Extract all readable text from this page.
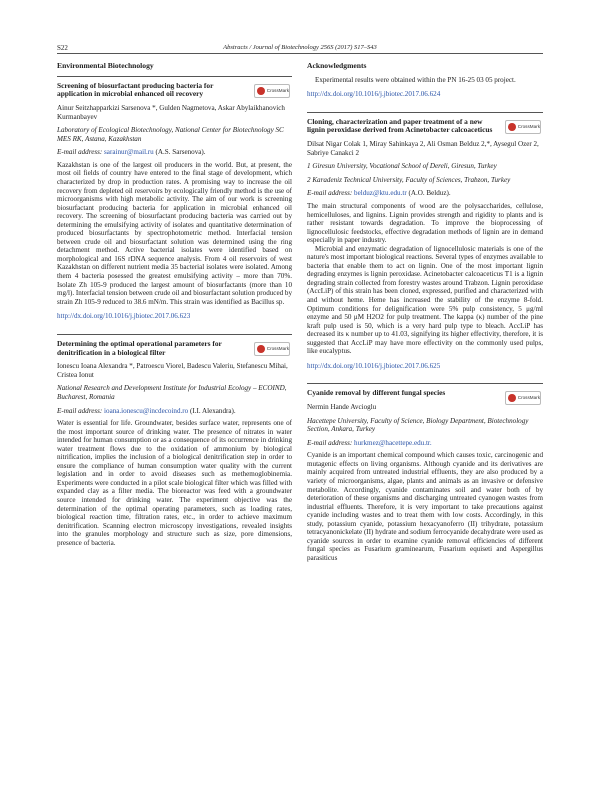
S22	Abstracts / Journal of Biotechnology 256S (2017) S17–S43
Environmental Biotechnology
Screening of biosurfactant producing bacteria for application in microbial enhanced oil recovery	CrossMark
Ainur Seitzhapparkizi Sarsenova *, Gulden Nagmetova, Askar Abylaikhanovich Kurmanbayev
Laboratory of Ecological Biotechnology, National Center for Biotechnology SC MES RK, Astana, Kazakhstan
E-mail address: sarainur@mail.ru (A.S. Sarsenova).

Kazakhstan is one of the largest oil producers in the world. But, at present, the most oil fields of country have entered to the final stage of development, which characterized by drop in production rates. A promising way to increase the oil recovery from depleted oil reservoirs by ecologically friendly method is the use of microorganisms with high metabolic activity. The aim of our work is screening biosurfactant producing bacteria for application in microbial enhanced oil recovery. The screening of biosurfactant producing bacteria was carried out by determining the emulsifying activity of isolates and quantitative determination of produced biosurfactants by spectrophotometric method. Interfacial tension between crude oil and biosurfactant solution was determined using the ring detachment method. Active bacterial isolates were identified based on morphological and 16S rDNA sequence analysis. From 4 oil reservoirs of west Kazakhstan on different nutrient media 35 bacterial isolates were isolated. Among them 4 bacteria posessed the greatest emulsifying activity – more than 70%. Isolate Zh 105-9 produced the largest amount of biosurfactants (more than 10 mg/l). Interfacial tension between crude oil and biosurfactant solution produced by strain Zh 105-9 reduced to 38.6 mN/m. This strain was identified as Bacillus sp.

http://dx.doi.org/10.1016/j.jbiotec.2017.06.623
Determining the optimal operational parameters for denitrification in a biological filter	CrossMark
Ionescu Ioana Alexandra *, Patroescu Viorel, Badescu Valeriu, Stefanescu Mihai, Cristea Ionut
National Research and Development Institute for Industrial Ecology – ECOIND, Bucharest, Romania
E-mail address: ioana.ionescu@incdecoind.ro (I.I. Alexandra).

Water is essential for life. Groundwater, besides surface water, represents one of the most important source of drinking water. The presence of nitrates in water intended for human consumption or as a consequence of its occurrence in drinking water treatment flows due to the oxidation of ammonium by biological nitrification, implies the inclusion of a biological denitrification step in order to ensure the compliance of human consumption water quality with the current legislation and in order to avoid diseases such as methemoglobinemia. Experiments were conducted in a pilot scale biological filter which was filled with expanded clay as a filter media. The bioreactor was feed with a groundwater source intended for drinking water. The experiment objective was the determination of the optimal operating parameters, such as loading rates, biological reaction time, filtration rates, etc., in order to achieve maximum denitrification. Scanning electron microscopy investigations, revealed insights into the granules morphology and structure such as size, pore dimensions, presence of bacteria.

Acknowledgments

Experimental results were obtained within the PN 16-25 03 05 project.

http://dx.doi.org/10.1016/j.jbiotec.2017.06.624
Cloning, characterization and paper treatment of a new lignin peroxidase derived from Acinetobacter calcoaceticus	CrossMark
Dilsat Nigar Colak 1, Miray Sahinkaya 2, Ali Osman Belduz 2,*, Aysegul Ozer 2, Sabriye Canakci 2
1 Giresun University, Vocational School of Dereli, Giresun, Turkey
2 Karadeniz Technical University, Faculty of Sciences, Trabzon, Turkey
E-mail address: belduz@ktu.edu.tr (A.O. Belduz).

The main structural components of wood are the polysaccharides, cellulose, hemicelluloses, and lignins. Lignin provides strength and rigidity to plants and is rather resistant towards degradation. To improve the bioprocessing of lignocellulosic feedstocks, effective degradation methods of lignin are in demand especially in paper industry.

Microbial and enzymatic degradation of lignocellulosic materials is one of the nature's most important biological reactions. Several types of enzymes available to bacteria that enable them to act on lignin. One of the most important lignin degrading enzymes is lignin peroxidase. Acinetobacter calcoaceticus T1 is a lignin degrading strain collected from forestry wastes around Trabzon. Lignin peroxidase (AccLiP) of this strain has been cloned, expressed, purified and characterized with and without heme. Heme has increased the stability of the enzyme 8-fold. Optimum conditions for delignification were 5% pulp consistency, 5 μg/ml enzyme and 50 μM H2O2 for pulp treatment. The kappa (κ) number of the pine kraft pulp used is 50, which is a very hard pulp type to bleach. AccLiP has decreased its κ number up to 41.03, signifying its higher effectivity, therefore, it is suggested that AccLiP may have more effectivity on the commonly used pulps, like eucalyptus.

http://dx.doi.org/10.1016/j.jbiotec.2017.06.625
Cyanide removal by different fungal species
CrossMark
Nermin Hande Avcioglu
Hacettepe University, Faculty of Science, Biology Department, Biotechnology Section, Ankara, Turkey
E-mail address: hurkmez@hacettepe.edu.tr.

Cyanide is an important chemical compound which causes toxic, carcinogenic and mutagenic effects on living organisms. Although cyanide and its derivatives are mainly acquired from untreated industrial effluents, they are also produced by a variety of microorganisms, algae, plants and animals as an invasive or defensive metabolite. Accordingly, cyanide contaminates soil and water both of by deterioration of these organisms and discharging untreated cyanogen wastes from industrial effluents. Therefore, it is very important to take precautions against cyanide including wastes and to treat them with low costs. Accordingly, in this study, potassium cyanide, potassium hexacyanoferro (II) trihydrate, potassium tetracyanonickelate (II) hydrate and sodium ferrocyanide decahydrate were used as cyanide sources in order to examine cyanide removal efficiencies of different fungal species as Fusarium graminearum, Fusarium equiseti and Aspergillus parasiticus
